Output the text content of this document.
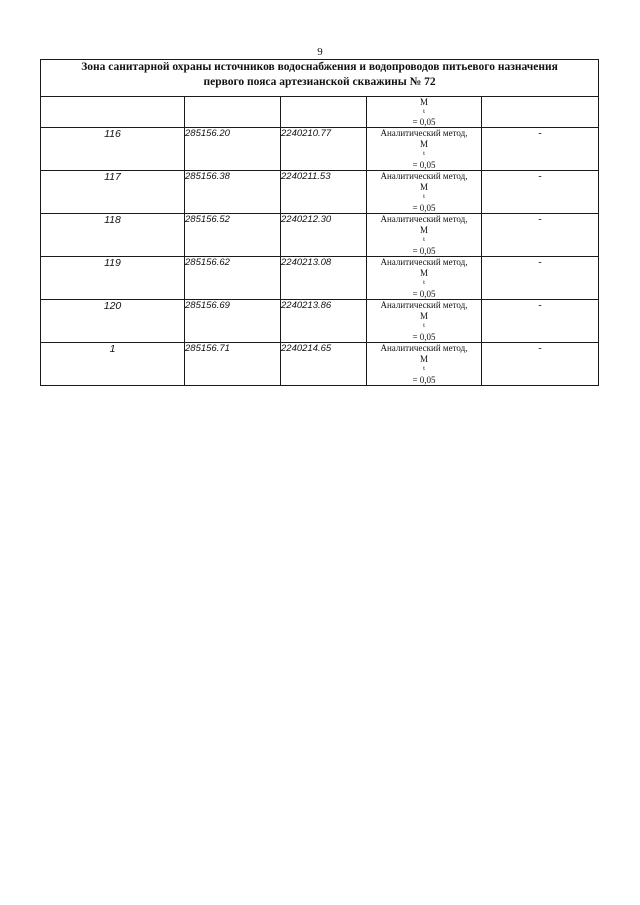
9
Зона санитарной охраны источников водоснабжения и водопроводов питьевого назначения
первого пояса артезианской скважины № 72				

			M
t
= 0,05	

116	285156.20	2240210.77	Аналитический метод,
M
t
= 0,05	-
117	285156.38	2240211.53	Аналитический метод,
M
t
= 0,05	-
118	285156.52	2240212.30	Аналитический метод,
M
t
= 0,05	-
119	285156.62	2240213.08	Аналитический метод,
M
t
= 0,05	-
120	285156.69	2240213.86	Аналитический метод,
M
t
= 0,05	-
1	285156.71	2240214.65	Аналитический метод,
M
t
= 0,05	-
